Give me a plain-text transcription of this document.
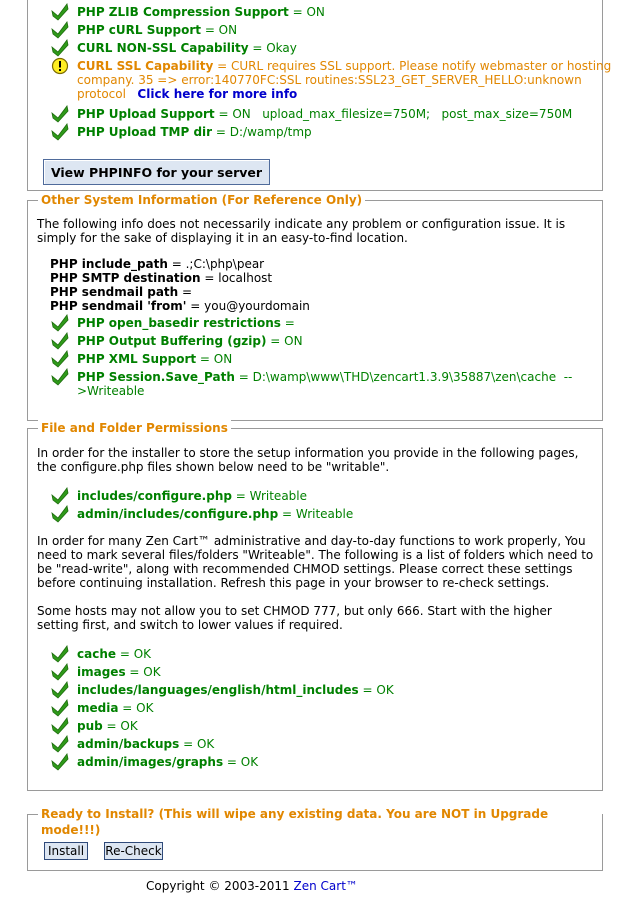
PHP ZLIB Compression Support = ON
PHP cURL Support = ON
CURL NON-SSL Capability = Okay
CURL SSL Capability = CURL requires SSL support. Please notify webmaster or hosting
company. 35 => error:140770FC:SSL routines:SSL23_GET_SERVER_HELLO:unknown
protocol Click here for more info
PHP Upload Support = ON   upload_max_filesize=750M;   post_max_size=750M
PHP Upload TMP dir = D:/wamp/tmp
View PHPINFO for your server
Other System Information (For Reference Only)
The following info does not necessarily indicate any problem or configuration issue. It is simply for the sake of displaying it in an easy-to-find location.
PHP include_path = .;C:\php\pear
PHP SMTP destination = localhost
PHP sendmail path =
PHP sendmail 'from' = you@yourdomain
PHP open_basedir restrictions =
PHP Output Buffering (gzip) = ON
PHP XML Support = ON
PHP Session.Save_Path = D:\wamp\www\THD\zencart1.3.9\35887\zen\cache  --
>Writeable
File and Folder Permissions
In order for the installer to store the setup information you provide in the following pages, the configure.php files shown below need to be "writable".
includes/configure.php = Writeable
admin/includes/configure.php = Writeable
In order for many Zen Cart™ administrative and day-to-day functions to work properly, You need to mark several files/folders "Writeable". The following is a list of folders which need to be "read-write", along with recommended CHMOD settings. Please correct these settings before continuing installation. Refresh this page in your browser to re-check settings.
Some hosts may not allow you to set CHMOD 777, but only 666. Start with the higher setting first, and switch to lower values if required.
cache = OK
images = OK
includes/languages/english/html_includes = OK
media = OK
pub = OK
admin/backups = OK
admin/images/graphs = OK
Ready to Install? (This will wipe any existing data. You are NOT in Upgrade mode!!!)
Install	Re-Check
Copyright © 2003-2011 Zen Cart™
